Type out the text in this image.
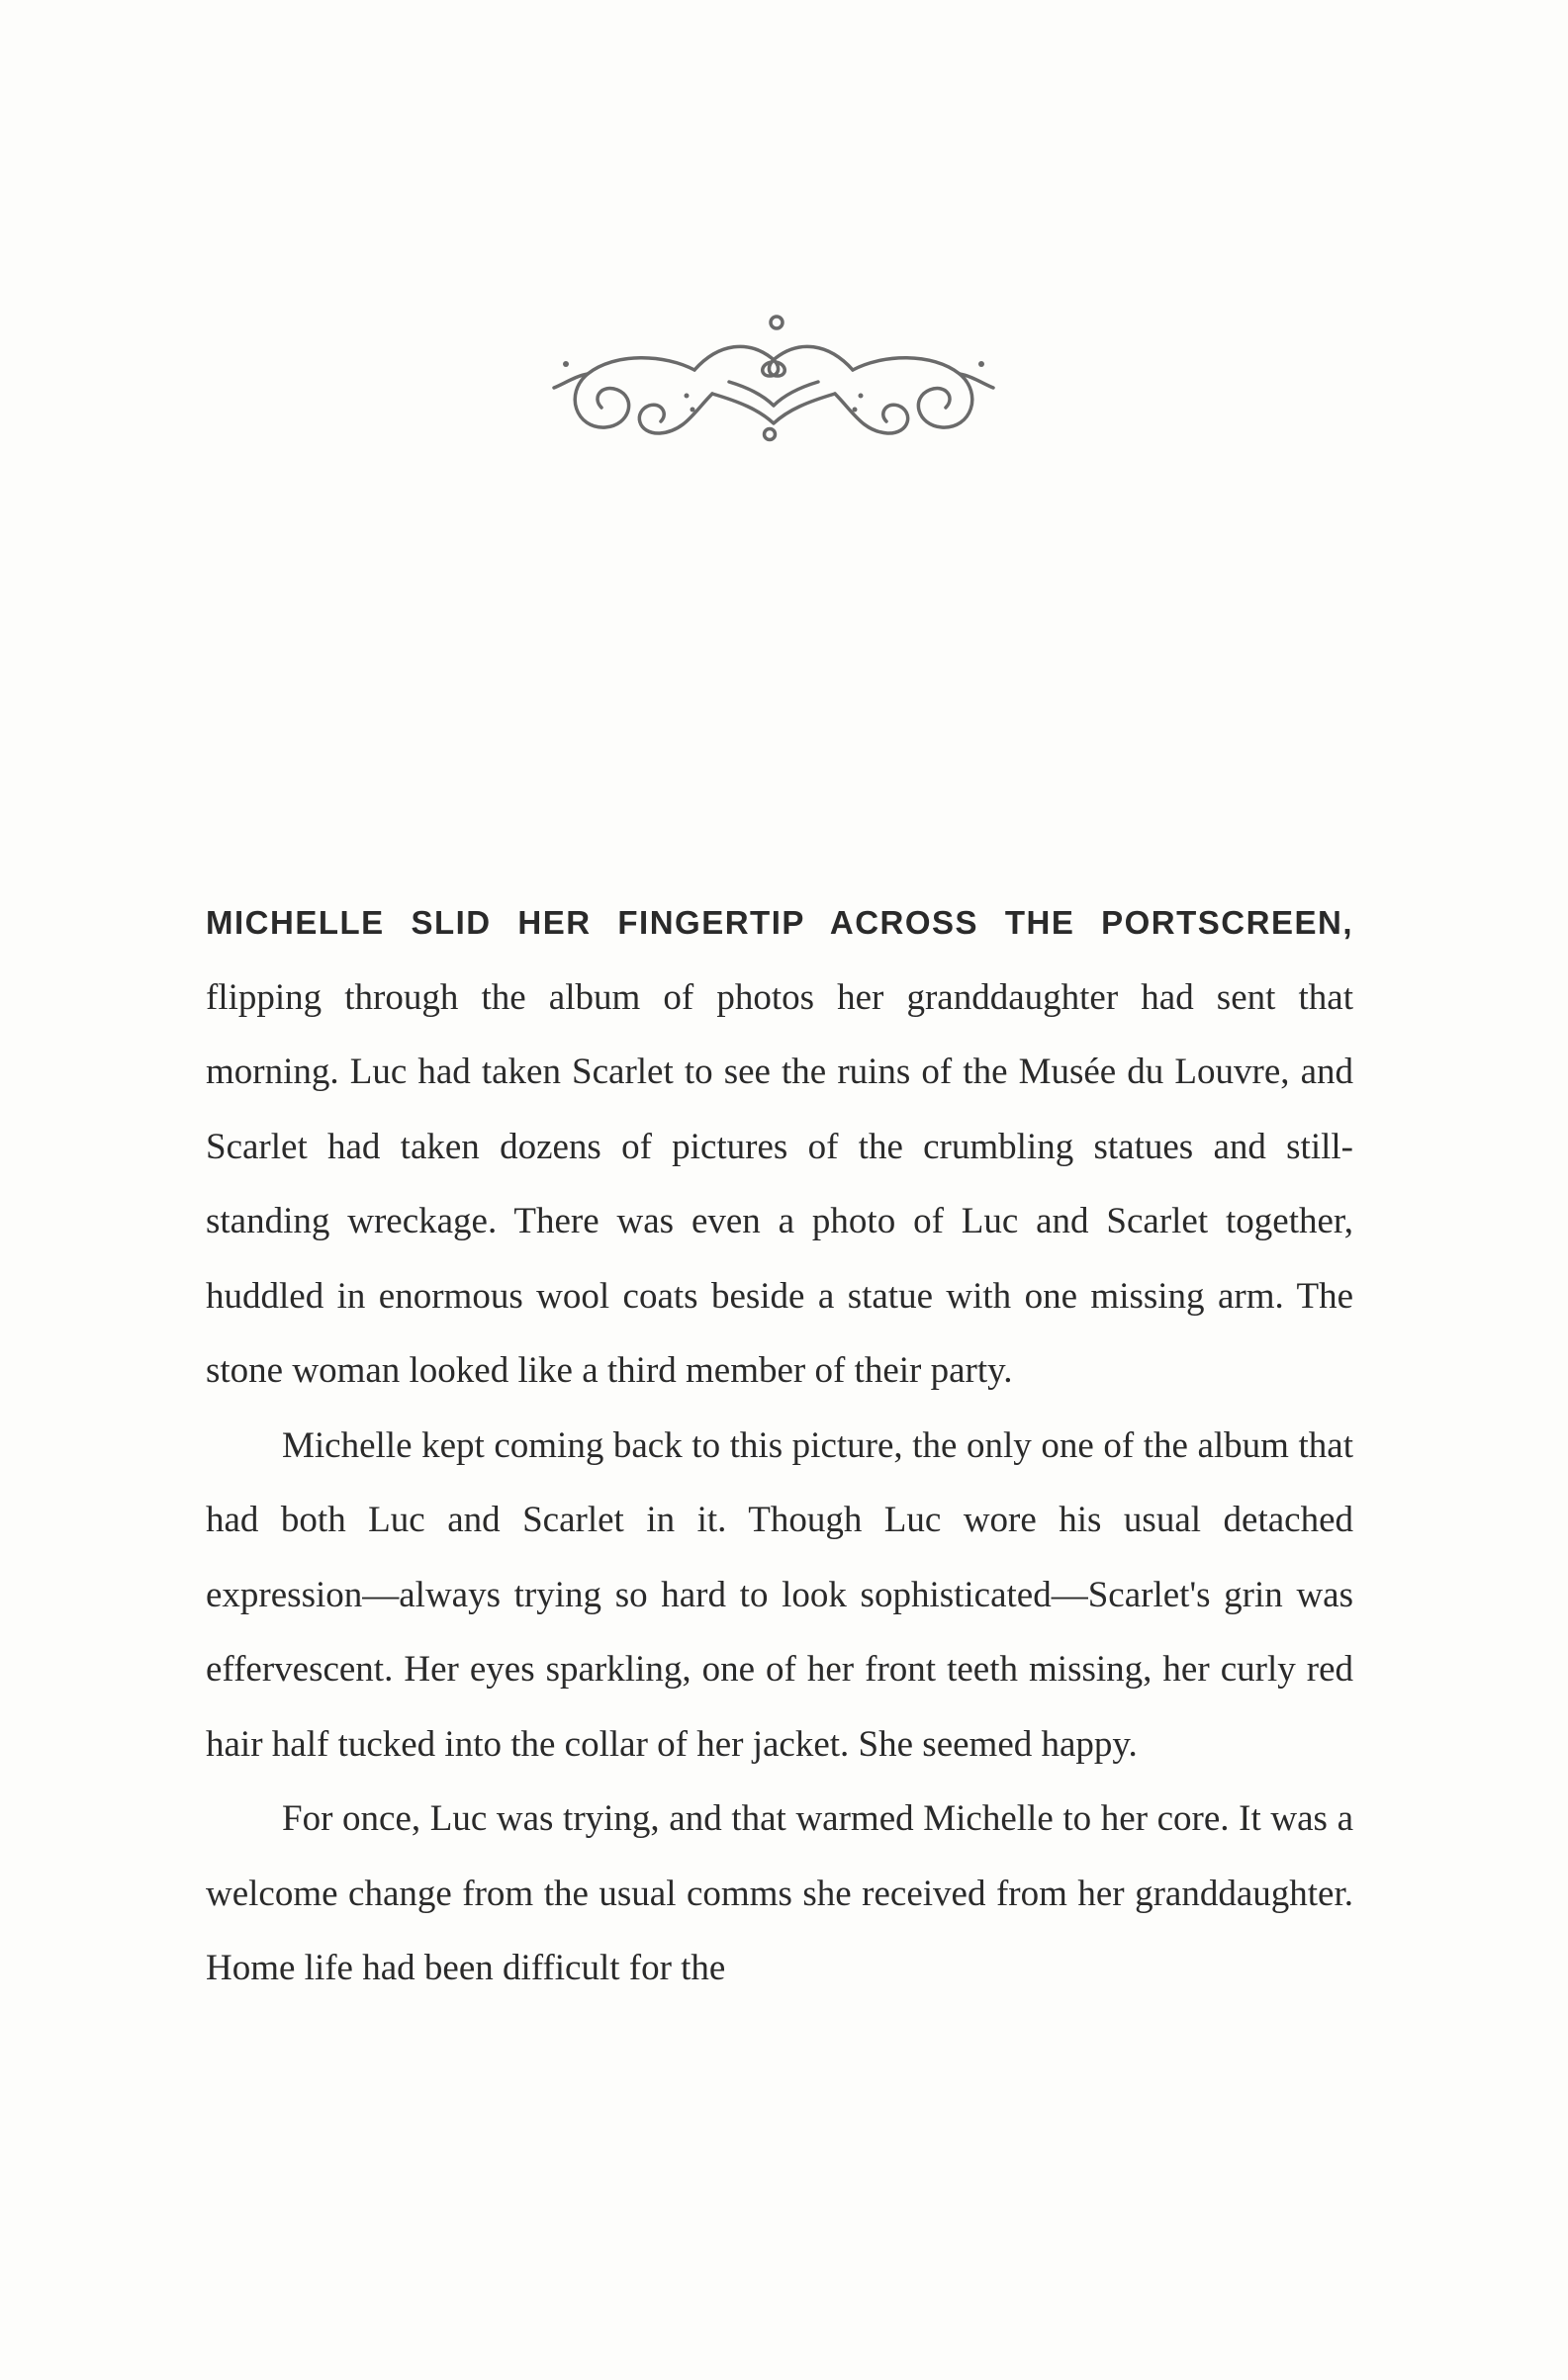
MICHELLE SLID HER FINGERTIP ACROSS THE PORTSCREEN, flipping through the album of photos her granddaughter had sent that morning. Luc had taken Scarlet to see the ruins of the Musée du Louvre, and Scarlet had taken dozens of pictures of the crumbling statues and still-standing wreckage. There was even a photo of Luc and Scarlet together, huddled in enormous wool coats beside a statue with one missing arm. The stone woman looked like a third member of their party.

Michelle kept coming back to this picture, the only one of the album that had both Luc and Scarlet in it. Though Luc wore his usual detached expression—always trying so hard to look sophisticated—Scarlet's grin was effervescent. Her eyes sparkling, one of her front teeth missing, her curly red hair half tucked into the collar of her jacket. She seemed happy.

For once, Luc was trying, and that warmed Michelle to her core. It was a welcome change from the usual comms she received from her granddaughter. Home life had been difficult for the
